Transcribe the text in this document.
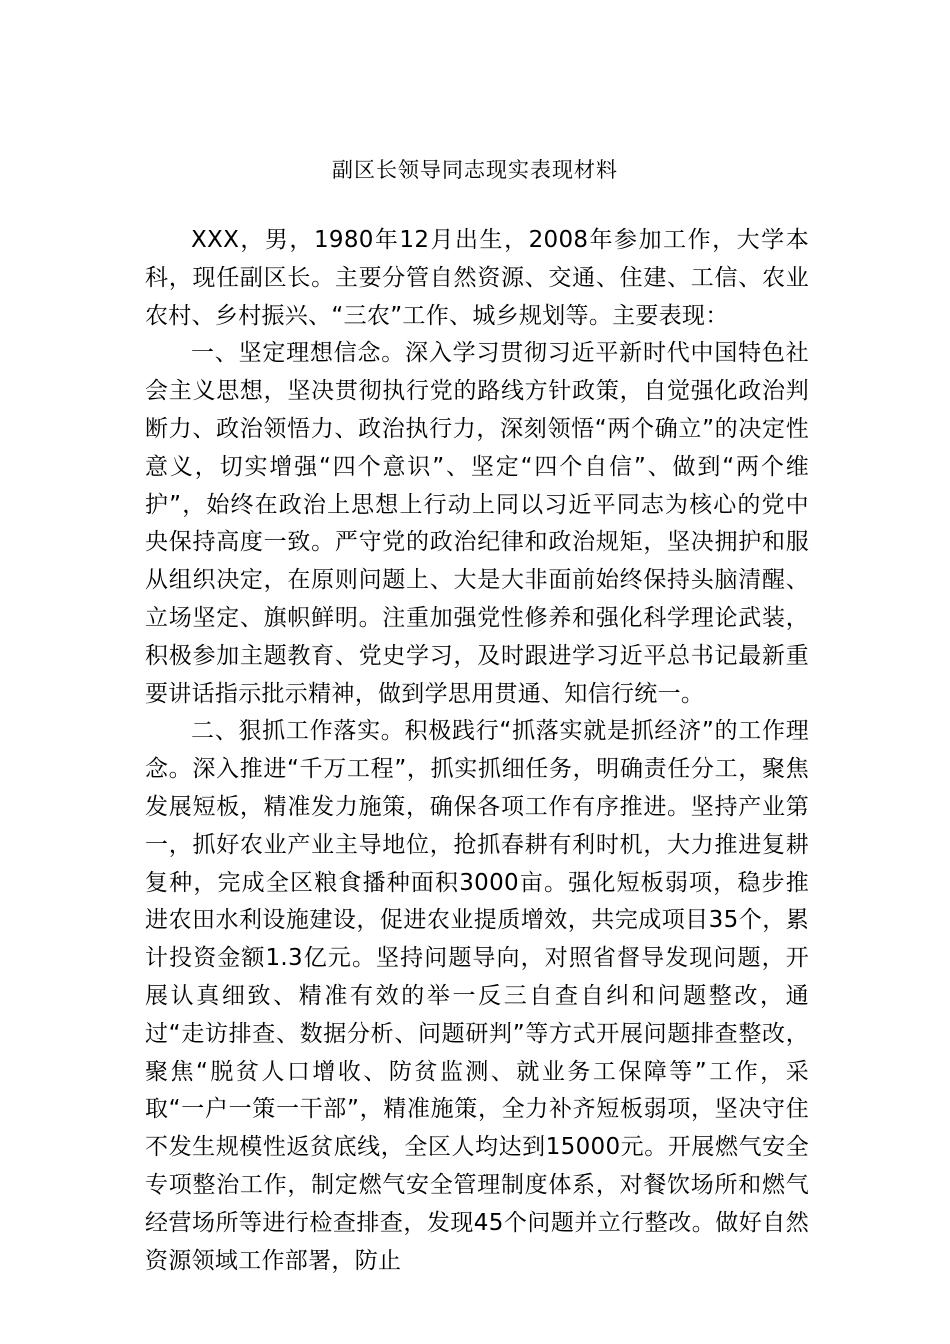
副区长领导同志现实表现材料

XXX，男，1980年12月出生，2008年参加工作，大学本科，现任副区长。主要分管自然资源、交通、住建、工信、农业农村、乡村振兴、“三农”工作、城乡规划等。主要表现：

一、坚定理想信念。深入学习贯彻习近平新时代中国特色社会主义思想，坚决贯彻执行党的路线方针政策，自觉强化政治判断力、政治领悟力、政治执行力，深刻领悟“两个确立”的决定性意义，切实增强“四个意识”、坚定“四个自信”、做到“两个维护”，始终在政治上思想上行动上同以习近平同志为核心的党中央保持高度一致。严守党的政治纪律和政治规矩，坚决拥护和服从组织决定，在原则问题上、大是大非面前始终保持头脑清醒、立场坚定、旗帜鲜明。注重加强党性修养和强化科学理论武装，积极参加主题教育、党史学习，及时跟进学习近平总书记最新重要讲话指示批示精神，做到学思用贯通、知信行统一。

二、狠抓工作落实。积极践行“抓落实就是抓经济”的工作理念。深入推进“千万工程”，抓实抓细任务，明确责任分工，聚焦发展短板，精准发力施策，确保各项工作有序推进。坚持产业第一，抓好农业产业主导地位，抢抓春耕有利时机，大力推进复耕复种，完成全区粮食播种面积3000亩。强化短板弱项，稳步推进农田水利设施建设，促进农业提质增效，共完成项目35个，累计投资金额1.3亿元。坚持问题导向，对照省督导发现问题，开展认真细致、精准有效的举一反三自查自纠和问题整改，通过“走访排查、数据分析、问题研判”等方式开展问题排查整改，聚焦“脱贫人口增收、防贫监测、就业务工保障等”工作，采取“一户一策一干部”，精准施策，全力补齐短板弱项，坚决守住不发生规模性返贫底线，全区人均达到15000元。开展燃气安全专项整治工作，制定燃气安全管理制度体系，对餐饮场所和燃气经营场所等进行检查排查，发现45个问题并立行整改。做好自然资源领域工作部署，防止
